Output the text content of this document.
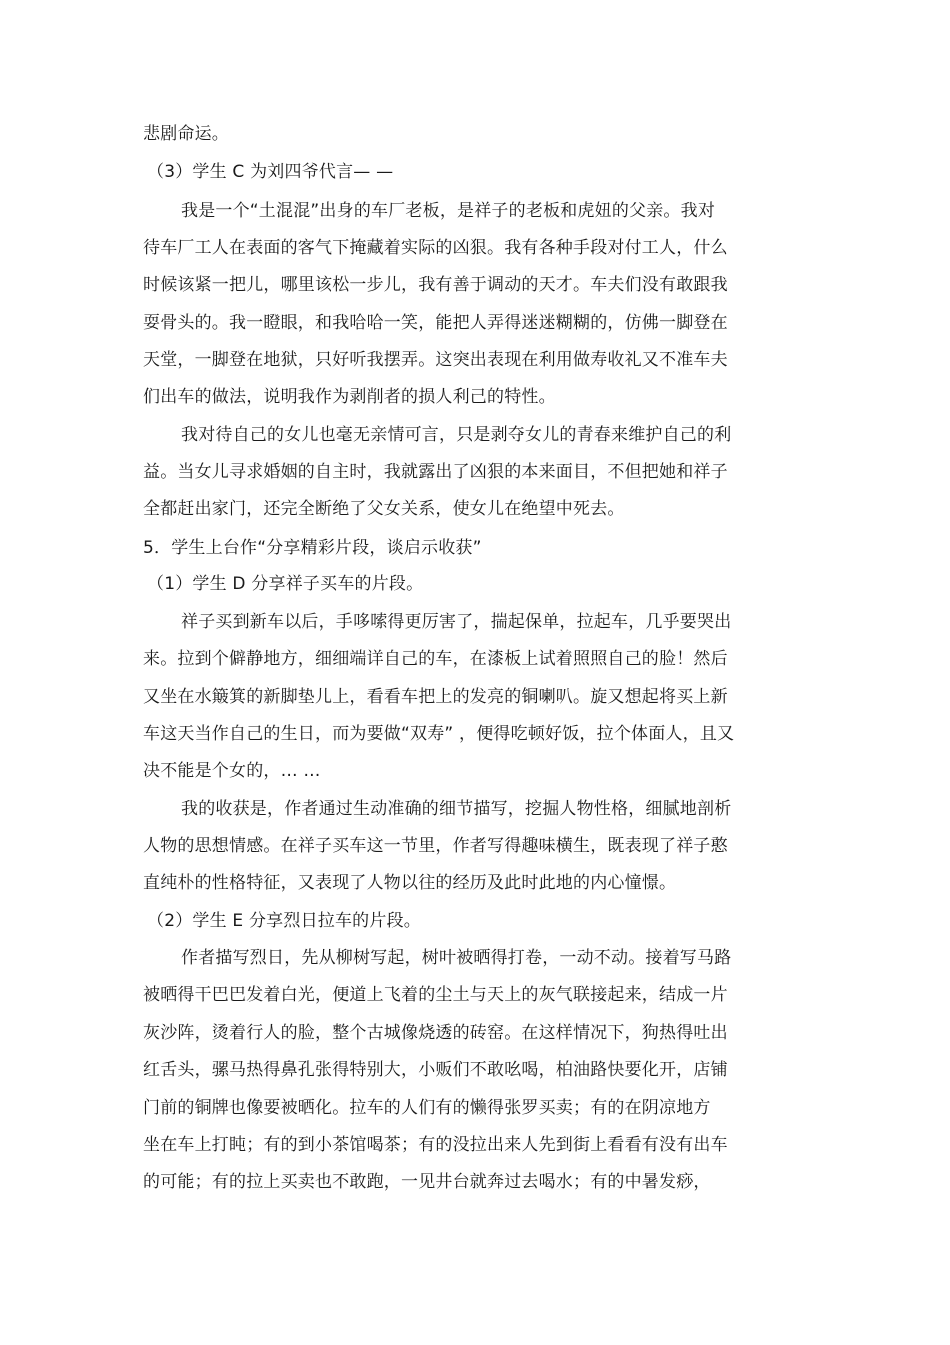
悲剧命运。
（3）学生 C 为刘四爷代言— —
我是一个“土混混”出身的车厂老板，是祥子的老板和虎妞的父亲。我对
待车厂工人在表面的客气下掩藏着实际的凶狠。我有各种手段对付工人，什么
时候该紧一把儿，哪里该松一步儿，我有善于调动的天才。车夫们没有敢跟我
耍骨头的。我一瞪眼，和我哈哈一笑，能把人弄得迷迷糊糊的，仿佛一脚登在
天堂，一脚登在地狱，只好听我摆弄。这突出表现在利用做寿收礼又不准车夫
们出车的做法，说明我作为剥削者的损人利己的特性。
我对待自己的女儿也毫无亲情可言，只是剥夺女儿的青春来维护自己的利
益。当女儿寻求婚姻的自主时，我就露出了凶狠的本来面目，不但把她和祥子
全都赶出家门，还完全断绝了父女关系，使女儿在绝望中死去。
5．学生上台作“分享精彩片段，谈启示收获”
（1）学生 D 分享祥子买车的片段。
祥子买到新车以后，手哆嗦得更厉害了，揣起保单，拉起车，几乎要哭出
来。拉到个僻静地方，细细端详自己的车，在漆板上试着照照自己的脸！然后
又坐在水簸箕的新脚垫儿上，看看车把上的发亮的铜喇叭。旋又想起将买上新
车这天当作自己的生日，而为要做“双寿” ，便得吃顿好饭，拉个体面人，且又
决不能是个女的，… …
我的收获是，作者通过生动准确的细节描写，挖掘人物性格，细腻地剖析
人物的思想情感。在祥子买车这一节里，作者写得趣味横生，既表现了祥子憨
直纯朴的性格特征，又表现了人物以往的经历及此时此地的内心憧憬。
（2）学生 E 分享烈日拉车的片段。
作者描写烈日，先从柳树写起，树叶被晒得打卷，一动不动。接着写马路
被晒得干巴巴发着白光，便道上飞着的尘土与天上的灰气联接起来，结成一片
灰沙阵，烫着行人的脸，整个古城像烧透的砖窑。在这样情况下，狗热得吐出
红舌头，骡马热得鼻孔张得特别大，小贩们不敢吆喝，柏油路快要化开，店铺
门前的铜牌也像要被晒化。拉车的人们有的懒得张罗买卖；有的在阴凉地方
坐在车上打盹；有的到小茶馆喝茶；有的没拉出来人先到街上看看有没有出车
的可能；有的拉上买卖也不敢跑，一见井台就奔过去喝水；有的中暑发痧，
